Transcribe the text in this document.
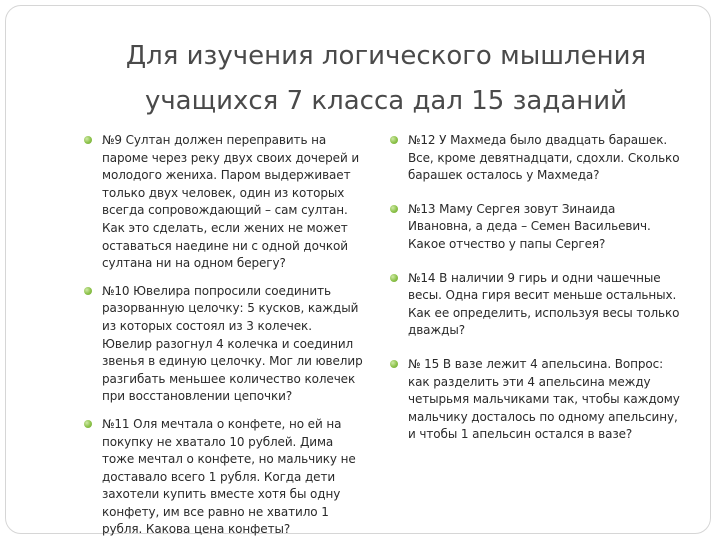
Для изучения логического мышления учащихся 7 класса дал 15 заданий
№9 Султан должен переправить на пароме через реку двух своих дочерей и молодого жениха. Паром выдерживает только двух человек, один из которых всегда сопровождающий – сам султан. Как это сделать, если жених не может оставаться наедине ни с одной дочкой султана ни на одном берегу?
№10 Ювелира попросили соединить разорванную целочку: 5 кусков, каждый из которых состоял из 3 колечек. Ювелир разогнул 4 колечка и соединил звенья в единую целочку. Мог ли ювелир разгибать меньшее количество колечек при восстановлении цепочки?
№11 Оля мечтала о конфете, но ей на покупку не хватало 10 рублей. Дима тоже мечтал о конфете, но мальчику не доставало всего 1 рубля. Когда дети захотели купить вместе хотя бы одну конфету, им все равно не хватило 1 рубля. Какова цена конфеты?
№12 У Махмеда было двадцать барашек. Все, кроме девятнадцати, сдохли. Сколько барашек осталось у Махмеда?
№13 Маму Сергея зовут Зинаида Ивановна, а деда – Семен Васильевич. Какое отчество у папы Сергея?
№14 В наличии 9 гирь и одни чашечные весы. Одна гиря весит меньше остальных. Как ее определить, используя весы только дважды?
№ 15 В вазе лежит 4 апельсина. Вопрос: как разделить эти 4 апельсина между четырьмя мальчиками так, чтобы каждому мальчику досталось по одному апельсину, и чтобы 1 апельсин остался в вазе?
